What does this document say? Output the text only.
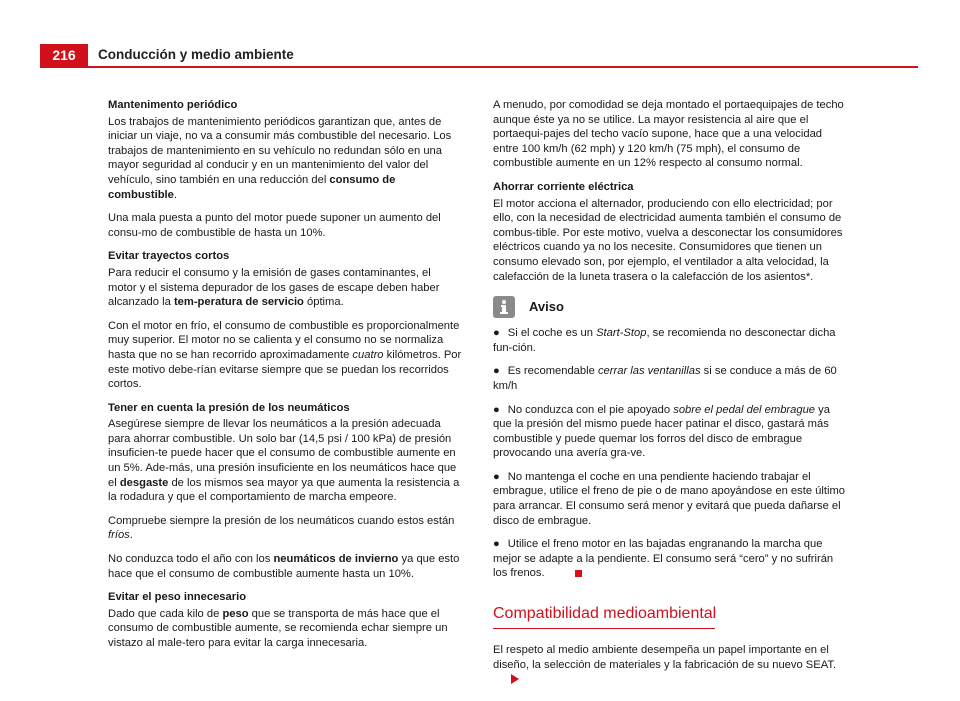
216	Conducción y medio ambiente
Mantenimento periódico

Los trabajos de mantenimiento periódicos garantizan que, antes de iniciar un viaje, no va a consumir más combustible del necesario. Los trabajos de mantenimiento en su vehículo no redundan sólo en una mayor seguridad al conducir y en un mantenimiento del valor del vehículo, sino también en una reducción del consumo de combustible.

Una mala puesta a punto del motor puede suponer un aumento del consu-mo de combustible de hasta un 10%.

Evitar trayectos cortos

Para reducir el consumo y la emisión de gases contaminantes, el motor y el sistema depurador de los gases de escape deben haber alcanzado la tem-peratura de servicio óptima.

Con el motor en frío, el consumo de combustible es proporcionalmente muy superior. El motor no se calienta y el consumo no se normaliza hasta que no se han recorrido aproximadamente cuatro kilómetros. Por este motivo debe-rían evitarse siempre que se puedan los recorridos cortos.

Tener en cuenta la presión de los neumáticos

Asegúrese siempre de llevar los neumáticos a la presión adecuada para ahorrar combustible. Un solo bar (14,5 psi / 100 kPa) de presión insuficien-te puede hacer que el consumo de combustible aumente en un 5%. Ade-más, una presión insuficiente en los neumáticos hace que el desgaste de los mismos sea mayor ya que aumenta la resistencia a la rodadura y que el comportamiento de marcha empeore.

Compruebe siempre la presión de los neumáticos cuando estos están fríos.

No conduzca todo el año con los neumáticos de invierno ya que esto hace que el consumo de combustible aumente hasta un 10%.

Evitar el peso innecesario

Dado que cada kilo de peso que se transporta de más hace que el consumo de combustible aumente, se recomienda echar siempre un vistazo al male-tero para evitar la carga innecesaria.

A menudo, por comodidad se deja montado el portaequipajes de techo aunque éste ya no se utilice. La mayor resistencia al aire que el portaequi-pajes del techo vacío supone, hace que a una velocidad entre 100 km/h (62 mph) y 120 km/h (75 mph), el consumo de combustible aumente en un 12% respecto al consumo normal.

Ahorrar corriente eléctrica

El motor acciona el alternador, produciendo con ello electricidad; por ello, con la necesidad de electricidad aumenta también el consumo de combus-tible. Por este motivo, vuelva a desconectar los consumidores eléctricos cuando ya no los necesite. Consumidores que tienen un consumo elevado son, por ejemplo, el ventilador a alta velocidad, la calefacción de la luneta trasera o la calefacción de los asientos*.

Aviso

● Si el coche es un Start-Stop, se recomienda no desconectar dicha fun-ción.

● Es recomendable cerrar las ventanillas si se conduce a más de 60 km/h

● No conduzca con el pie apoyado sobre el pedal del embrague ya que la presión del mismo puede hacer patinar el disco, gastará más combustible y puede quemar los forros del disco de embrague provocando una avería gra-ve.

● No mantenga el coche en una pendiente haciendo trabajar el embrague, utilice el freno de pie o de mano apoyándose en este último para arrancar. El consumo será menor y evitará que pueda dañarse el disco de embrague.

● Utilice el freno motor en las bajadas engranando la marcha que mejor se adapte a la pendiente. El consumo será “cero” y no sufrirán los frenos.

Compatibilidad medioambiental

El respeto al medio ambiente desempeña un papel importante en el diseño, la selección de materiales y la fabricación de su nuevo SEAT.
